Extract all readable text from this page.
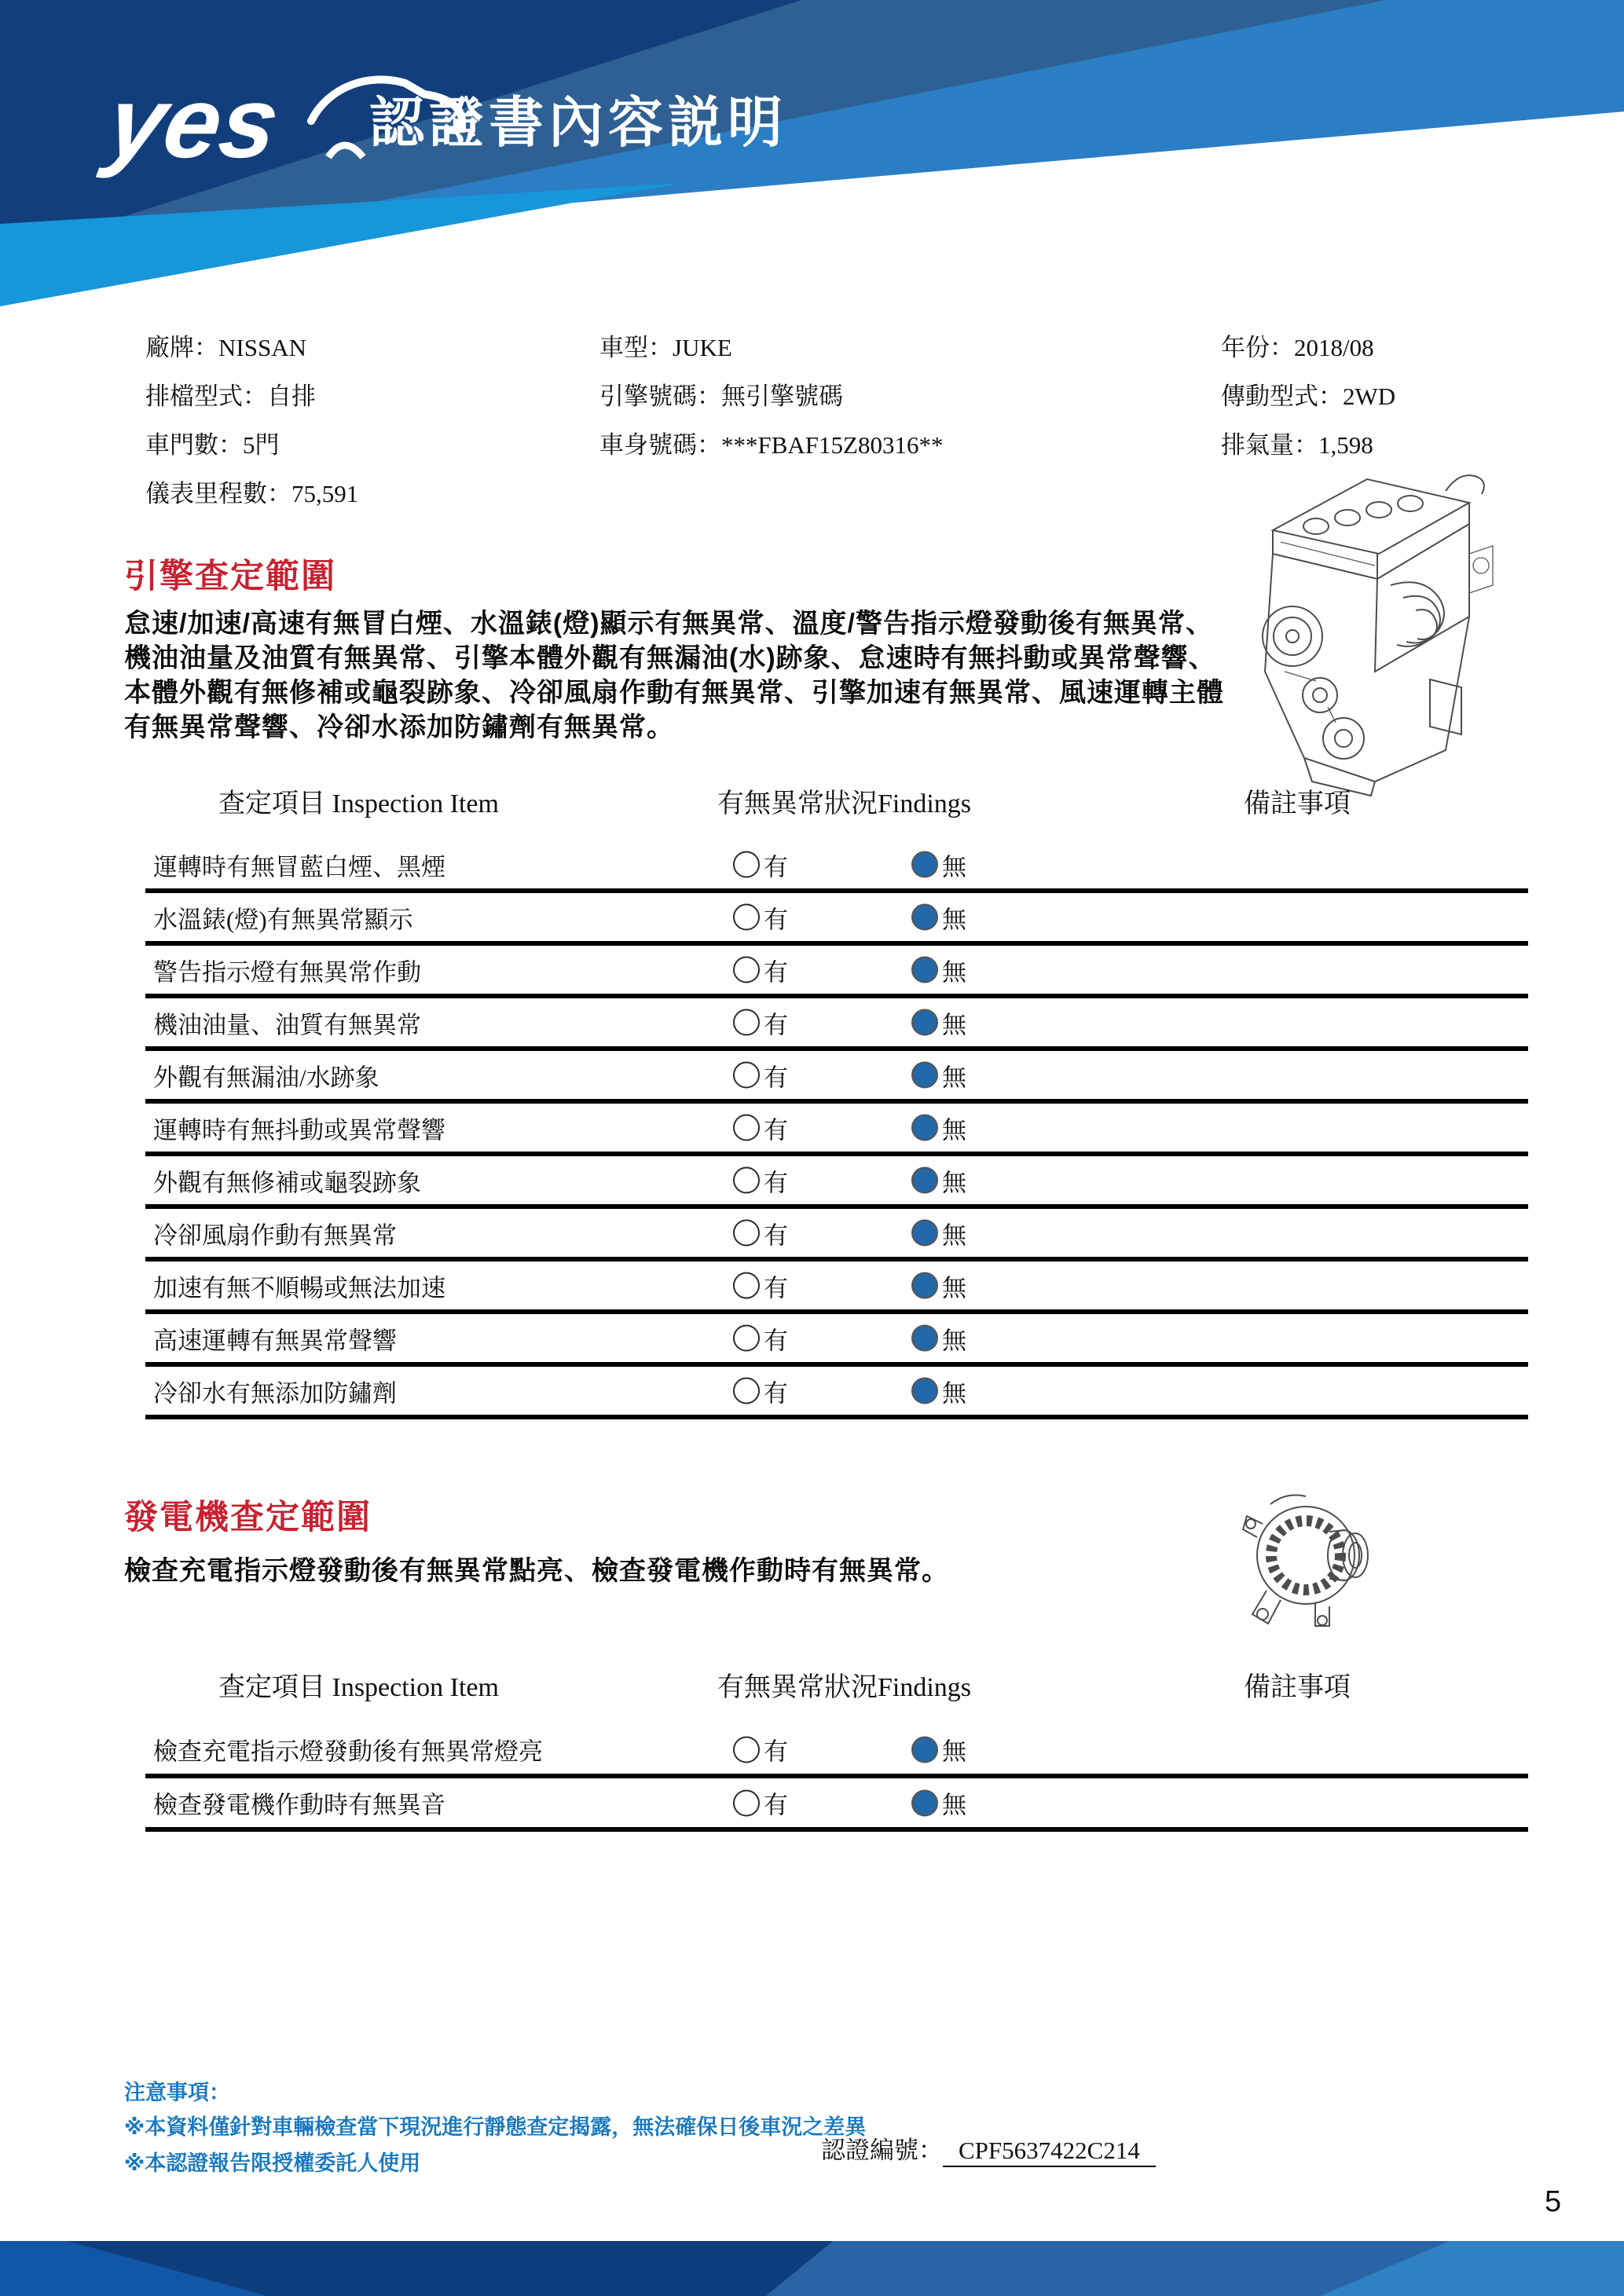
yes 認證書內容説明
廠牌：NISSAN
排檔型式：自排
車門數：5門
儀表里程數：75,591
車型：JUKE
引擎號碼：無引擎號碼
車身號碼：***FBAF15Z80316**
年份：2018/08
傳動型式：2WD
排氣量：1,598
引擎查定範圍
怠速/加速/高速有無冒白煙、水溫錶(燈)顯示有無異常、溫度/警告指示燈發動後有無異常、
機油油量及油質有無異常、引擎本體外觀有無漏油(水)跡象、怠速時有無抖動或異常聲響、
本體外觀有無修補或龜裂跡象、冷卻風扇作動有無異常、引擎加速有無異常、風速運轉主體
有無異常聲響、冷卻水添加防鏽劑有無異常。
查定項目 Inspection Item	有無異常狀況Findings	備註事項
運轉時有無冒藍白煙、黑煙	有	無
水溫錶(燈)有無異常顯示	有	無
警告指示燈有無異常作動	有	無
機油油量、油質有無異常	有	無
外觀有無漏油/水跡象	有	無
運轉時有無抖動或異常聲響	有	無
外觀有無修補或龜裂跡象	有	無
冷卻風扇作動有無異常	有	無
加速有無不順暢或無法加速	有	無
高速運轉有無異常聲響	有	無
冷卻水有無添加防鏽劑	有	無
發電機查定範圍
檢查充電指示燈發動後有無異常點亮、檢查發電機作動時有無異常。
查定項目 Inspection Item	有無異常狀況Findings	備註事項
檢查充電指示燈發動後有無異常燈亮	有	無
檢查發電機作動時有無異音	有	無
注意事項：
※本資料僅針對車輛檢查當下現況進行靜態查定揭露，無法確保日後車況之差異
※本認證報告限授權委託人使用	認證編號： CPF5637422C214
5
